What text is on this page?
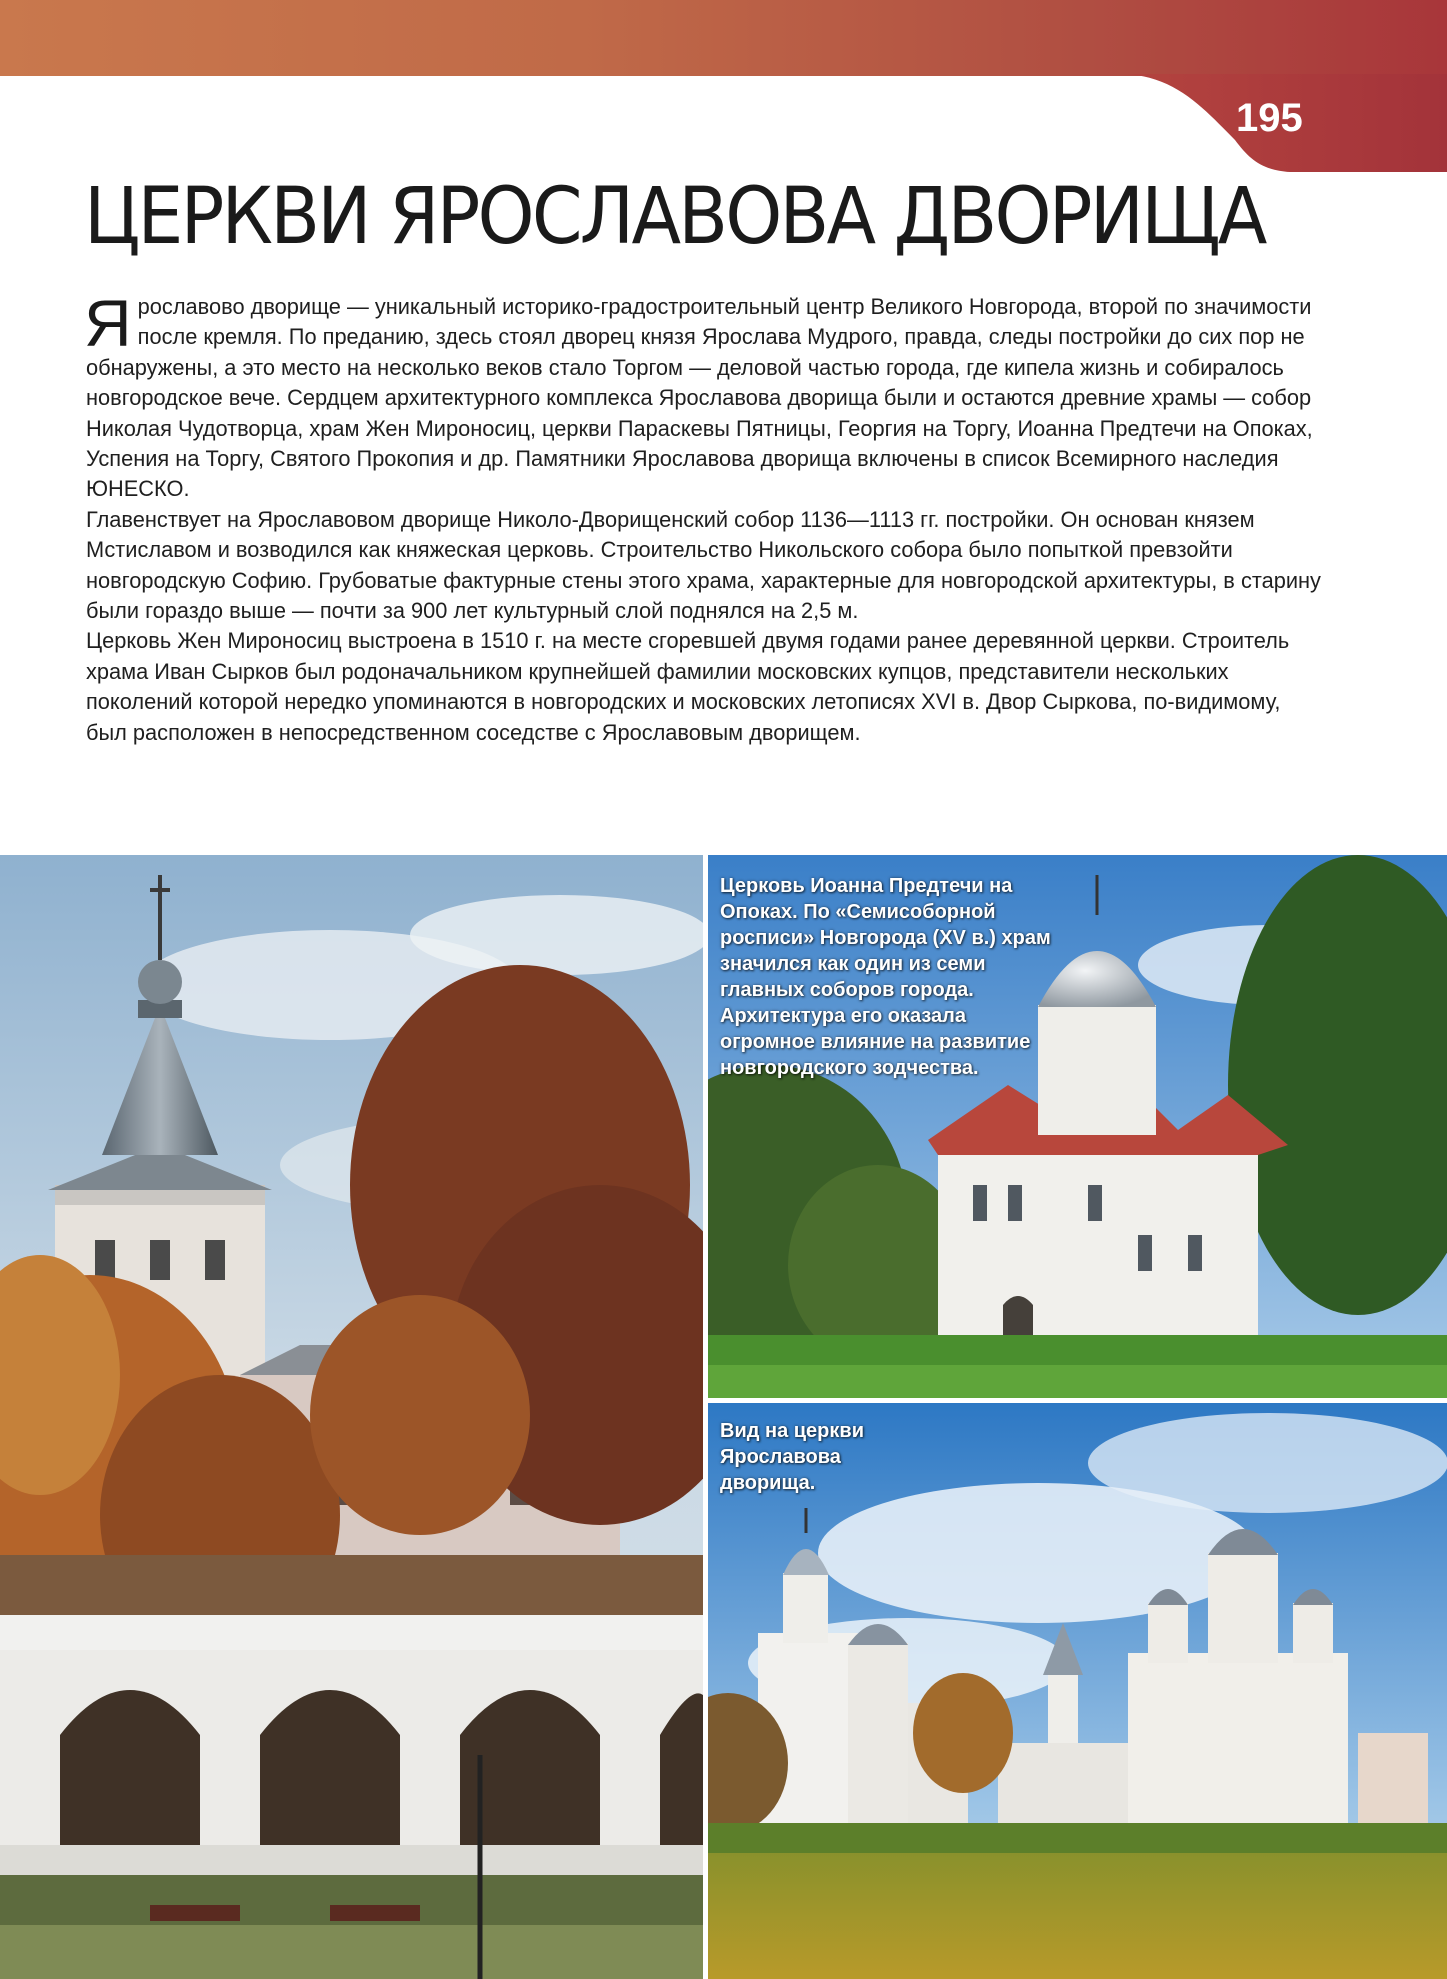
195
ЦЕРКВИ ЯРОСЛАВОВА ДВОРИЩА

Ярославово дворище — уникальный историко-градостроительный центр Великого Новгорода, второй по значимости после кремля. По преданию, здесь стоял дворец князя Ярослава Мудрого, правда, следы постройки до сих пор не обнаружены, а это место на несколько веков стало Торгом — деловой частью города, где кипела жизнь и собиралось новгородское вече. Сердцем архитектурного комплекса Ярославова дворища были и остаются древние храмы — собор Николая Чудотворца, храм Жен Мироносиц, церкви Параскевы Пятницы, Георгия на Торгу, Иоанна Предтечи на Опоках, Успения на Торгу, Святого Прокопия и др. Памятники Ярославова дворища включены в список Всемирного наследия ЮНЕСКО.

Главенствует на Ярославовом дворище Николо-Дворищенский собор 1136—1113 гг. постройки. Он основан князем Мстиславом и возводился как княжеская церковь. Строительство Никольского собора было попыткой превзойти новгородскую Софию. Грубоватые фактурные стены этого храма, характерные для новгородской архитектуры, в старину были гораздо выше — почти за 900 лет культурный слой поднялся на 2,5 м.

Церковь Жен Мироносиц выстроена в 1510 г. на месте сгоревшей двумя годами ранее деревянной церкви. Строитель храма Иван Сырков был родоначальником крупнейшей фамилии московских купцов, представители нескольких поколений которой нередко упоминаются в новгородских и московских летописях XVI в. Двор Сыркова, по-видимому, был расположен в непосредственном соседстве с Ярославовым дворищем.

Церковь Иоанна Предтечи на Опоках. По «Семисоборной росписи» Новгорода (XV в.) храм значился как один из семи главных соборов города. Архитектура его оказала огромное влияние на развитие новгородского зодчества.
Вид на церкви Ярославова дворища.
